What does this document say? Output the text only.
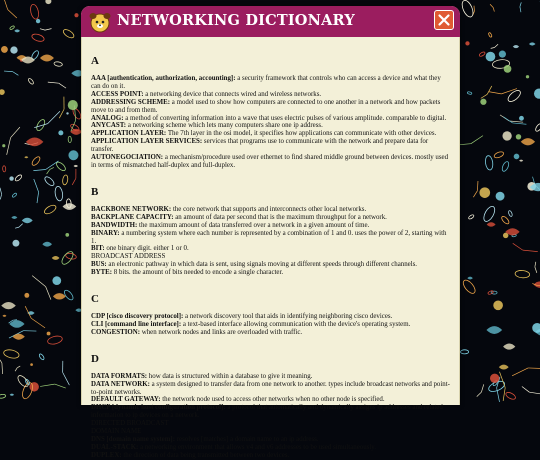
NETWORKING DICTIONARY
A
AAA [authentication, authorization, accounting]: a security framework that controls who can access a device and what they can do on it.
ACCESS POINT: a networking device that connects wired and wireless networks.
ADDRESSING SCHEME: a model used to show how computers are connected to one another in a network and how packets move to and from them.
ANALOG: a method of converting information into a wave that uses electric pulses of various amplitude. comparable to digital.
ANYCAST: a networking scheme which lets many computers share one ip address.
APPLICATION LAYER: The 7th layer in the osi model, it specifies how applications can communicate with other devices.
APPLICATION LAYER SERVICES: services that programs use to communicate with the network and prepare data for transfer.
AUTONEGOCIATION: a mechanism/procedure used over ethernet to find shared middle ground between devices. mostly used in terms of mismatched half-duplex and full-duplex.
B
BACKBONE NETWORK: the core network that supports and interconnects other local networks.
BACKPLANE CAPACITY: an amount of data per second that is the maximum throughput for a network.
BANDWIDTH: the maximum amount of data transferred over a network in a given amount of time.
BINARY: a numbering system where each number is represented by a combination of 1 and 0. uses the power of 2, starting with 1.
BIT: one binary digit. either 1 or 0.
BROADCAST ADDRESS
BUS: an electronic pathway in which data is sent, using signals moving at different speeds through different channels.
BYTE: 8 bits. the amount of bits needed to encode a single character.
C
CDP [cisco discovery protocol]: a network discovery tool that aids in identifying neighboring cisco devices.
CLI [command line interface]: a text-based interface allowing communication with the device's operating system.
CONGESTION: when network nodes and links are overloaded with traffic.
D
DATA FORMATS: how data is structured within a database to give it meaning.
DATA NETWORK: a system designed to transfer data from one network to another. types include broadcast networks and point-to-point networks.
DEFAULT GATEWAY: the network node used to access other networks when no other node is specified.
DHCP [dynamic host configuration protocol]: a protocol that automatically and dynamically assigns ip addresses and related information to ip devices on a network.
DIRECTED BROADCAST
DOMAIN NAME
DNS [domain name system]: resolves [matches] a domain name to an ip address.
DUAL-STACK: a networking environment that allows v4 and v6 addresses to be used simultaneously.
DUPLEX: the direction of data being transmitted between two devices.
